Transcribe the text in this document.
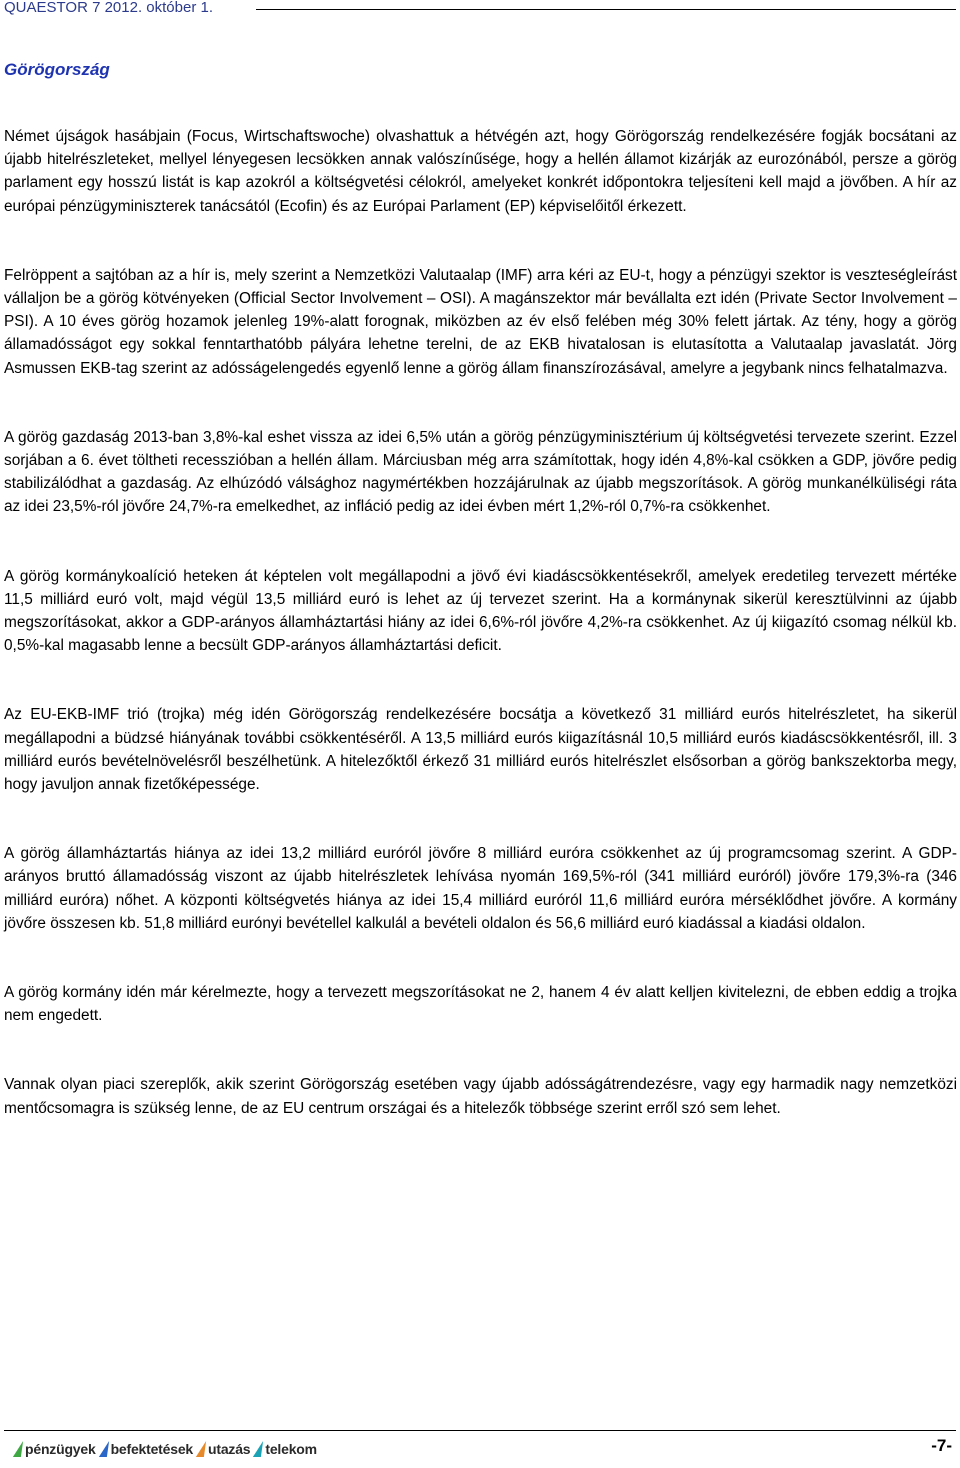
QUAESTOR 7 2012. október 1.
Görögország

Német újságok hasábjain (Focus, Wirtschaftswoche) olvashattuk a hétvégén azt, hogy Görögország rendelkezésére fogják bocsátani az újabb hitelrészleteket, mellyel lényegesen lecsökken annak valószínűsége, hogy a hellén államot kizárják az eurozónából, persze a görög parlament egy hosszú listát is kap azokról a költségvetési célokról, amelyeket konkrét időpontokra teljesíteni kell majd a jövőben. A hír az európai pénzügyminiszterek tanácsától (Ecofin) és az Európai Parlament (EP) képviselőitől érkezett.

Felröppent a sajtóban az a hír is, mely szerint a Nemzetközi Valutaalap (IMF) arra kéri az EU-t, hogy a pénzügyi szektor is veszteségleírást vállaljon be a görög kötvényeken (Official Sector Involvement – OSI). A magánszektor már bevállalta ezt idén (Private Sector Involvement – PSI). A 10 éves görög hozamok jelenleg 19%-alatt forognak, miközben az év első felében még 30% felett jártak. Az tény, hogy a görög államadósságot egy sokkal fenntarthatóbb pályára lehetne terelni, de az EKB hivatalosan is elutasította a Valutaalap javaslatát. Jörg Asmussen EKB-tag szerint az adósságelengedés egyenlő lenne a görög állam finanszírozásával, amelyre a jegybank nincs felhatalmazva.

A görög gazdaság 2013-ban 3,8%-kal eshet vissza az idei 6,5% után a görög pénzügyminisztérium új költségvetési tervezete szerint. Ezzel sorjában a 6. évet töltheti recesszióban a hellén állam. Márciusban még arra számítottak, hogy idén 4,8%-kal csökken a GDP, jövőre pedig stabilizálódhat a gazdaság. Az elhúzódó válsághoz nagymértékben hozzájárulnak az újabb megszorítások. A görög munkanélküliségi ráta az idei 23,5%-ról jövőre 24,7%-ra emelkedhet, az infláció pedig az idei évben mért 1,2%-ról 0,7%-ra csökkenhet.

A görög kormánykoalíció heteken át képtelen volt megállapodni a jövő évi kiadáscsökkentésekről, amelyek eredetileg tervezett mértéke 11,5 milliárd euró volt, majd végül 13,5 milliárd euró is lehet az új tervezet szerint. Ha a kormánynak sikerül keresztülvinni az újabb megszorításokat, akkor a GDP-arányos államháztartási hiány az idei 6,6%-ról jövőre 4,2%-ra csökkenhet. Az új kiigazító csomag nélkül kb. 0,5%-kal magasabb lenne a becsült GDP-arányos államháztartási deficit.

Az EU-EKB-IMF trió (trojka) még idén Görögország rendelkezésére bocsátja a következő 31 milliárd eurós hitelrészletet, ha sikerül megállapodni a büdzsé hiányának további csökkentéséről. A 13,5 milliárd eurós kiigazításnál 10,5 milliárd eurós kiadáscsökkentésről, ill. 3 milliárd eurós bevételnövelésről beszélhetünk. A hitelezőktől érkező 31 milliárd eurós hitelrészlet elsősorban a görög bankszektorba megy, hogy javuljon annak fizetőképessége.

A görög államháztartás hiánya az idei 13,2 milliárd euróról jövőre 8 milliárd euróra csökkenhet az új programcsomag szerint. A GDP-arányos bruttó államadósság viszont az újabb hitelrészletek lehívása nyomán 169,5%-ról (341 milliárd euróról) jövőre 179,3%-ra (346 milliárd euróra) nőhet. A központi költségvetés hiánya az idei 15,4 milliárd euróról 11,6 milliárd euróra mérséklődhet jövőre. A kormány jövőre összesen kb. 51,8 milliárd eurónyi bevétellel kalkulál a bevételi oldalon és 56,6 milliárd euró kiadással a kiadási oldalon.

A görög kormány idén már kérelmezte, hogy a tervezett megszorításokat ne 2, hanem 4 év alatt kelljen kivitelezni, de ebben eddig a trojka nem engedett.

Vannak olyan piaci szereplők, akik szerint Görögország esetében vagy újabb adósságátrendezésre, vagy egy harmadik nagy nemzetközi mentőcsomagra is szükség lenne, de az EU centrum országai és a hitelezők többsége szerint erről szó sem lehet.

pénzügyek befektetések utazás telekom	-7-
